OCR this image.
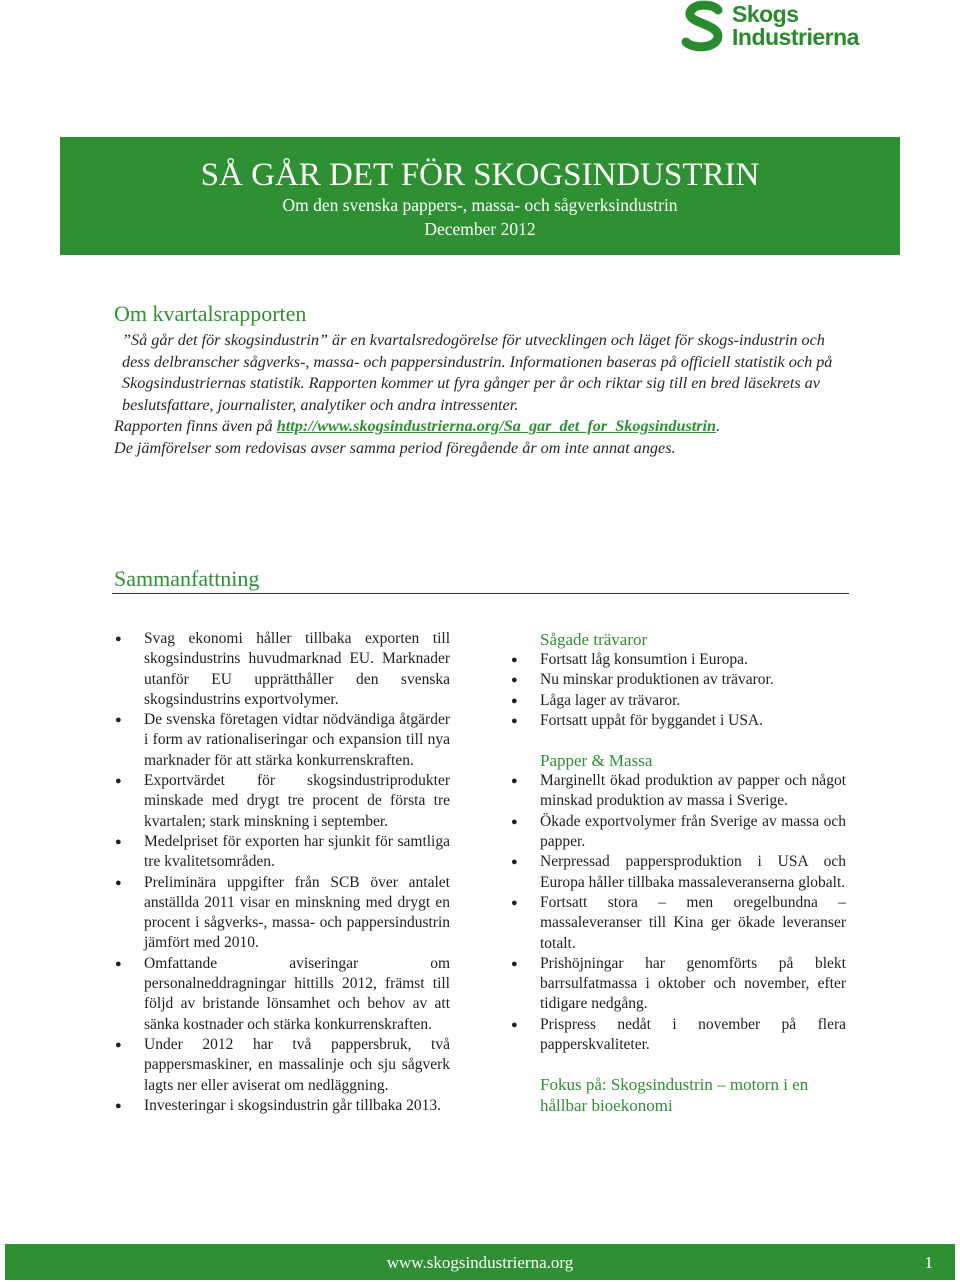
Skogs
Industrierna
SÅ GÅR DET FÖR SKOGSINDUSTRIN
Om den svenska pappers-, massa- och sågverksindustrin
December 2012
Om kvartalsrapporten

”Så går det för skogsindustrin” är en kvartalsredogörelse för utvecklingen och läget för skogs-industrin och dess delbranscher sågverks-, massa- och pappersindustrin. Informationen baseras på officiell statistik och på Skogsindustriernas statistik. Rapporten kommer ut fyra gånger per år och riktar sig till en bred läsekrets av beslutsfattare, journalister, analytiker och andra intressenter.

Rapporten finns även på http://www.skogsindustrierna.org/Sa_gar_det_for_Skogsindustrin.

De jämförelser som redovisas avser samma period föregående år om inte annat anges.

Sammanfattning
● Svag ekonomi håller tillbaka exporten till skogsindustrins huvudmarknad EU. Marknader utanför EU upprätthåller den svenska skogsindustrins exportvolymer.
● De svenska företagen vidtar nödvändiga åtgärder i form av rationaliseringar och expansion till nya marknader för att stärka konkurrenskraften.
● Exportvärdet för skogsindustriprodukter minskade med drygt tre procent de första tre kvartalen; stark minskning i september.
● Medelpriset för exporten har sjunkit för samtliga tre kvalitetsområden.
● Preliminära uppgifter från SCB över antalet anställda 2011 visar en minskning med drygt en procent i sågverks-, massa- och pappersindustrin jämfört med 2010.
● Omfattande aviseringar om personalneddragningar hittills 2012, främst till följd av bristande lönsamhet och behov av att sänka kostnader och stärka konkurrenskraften.
● Under 2012 har två pappersbruk, två pappersmaskiner, en massalinje och sju sågverk lagts ner eller aviserat om nedläggning.
● Investeringar i skogsindustrin går tillbaka 2013.
Sågade trävaror
● Fortsatt låg konsumtion i Europa.
● Nu minskar produktionen av trävaror.
● Låga lager av trävaror.
● Fortsatt uppåt för byggandet i USA.
Papper & Massa
● Marginellt ökad produktion av papper och något minskad produktion av massa i Sverige.
● Ökade exportvolymer från Sverige av massa och papper.
● Nerpressad pappersproduktion i USA och Europa håller tillbaka massaleveranserna globalt.
● Fortsatt stora – men oregelbundna – massaleveranser till Kina ger ökade leveranser totalt.
● Prishöjningar har genomförts på blekt barrsulfatmassa i oktober och november, efter tidigare nedgång.
● Prispress nedåt i november på flera papperskvaliteter.
Fokus på: Skogsindustrin – motorn i en hållbar bioekonomi
www.skogsindustrierna.org	1
